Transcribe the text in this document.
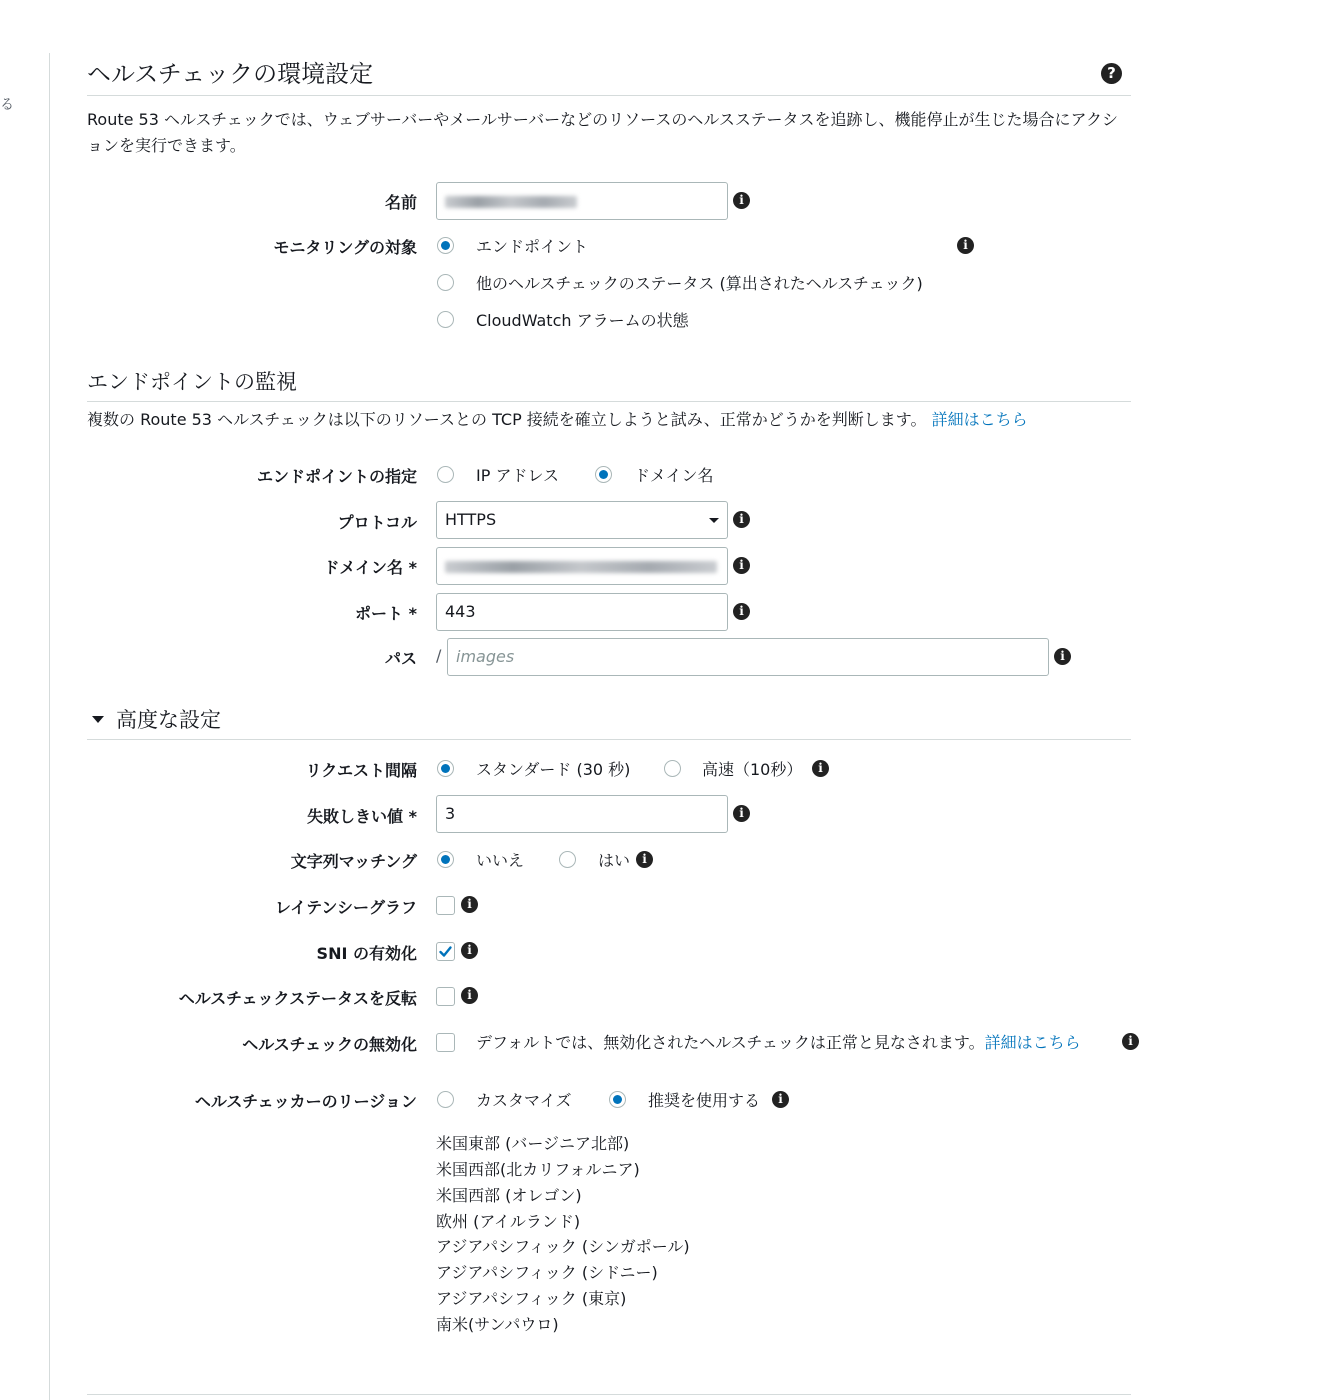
る
ヘルスチェックの環境設定	?
Route 53 ヘルスチェックでは、ウェブサーバーやメールサーバーなどのリソースのヘルスステータスを追跡し、機能停止が生じた場合にアクションを実行できます。
名前	i
モニタリングの対象	エンドポイント	i
他のヘルスチェックのステータス (算出されたヘルスチェック)
CloudWatch アラームの状態
エンドポイントの監視
複数の Route 53 ヘルスチェックは以下のリソースとの TCP 接続を確立しようと試み、正常かどうかを判断します。 詳細はこちら
エンドポイントの指定	IP アドレス	ドメイン名
プロトコル	HTTPS	i
ドメイン名 *	i
ポート *	443	i
パス / images	i
高度な設定
リクエスト間隔	スタンダード (30 秒)	高速（10秒）	i
失敗しきい値 *	3	i
文字列マッチング	いいえ	はい	i
レイテンシーグラフ	i
SNI の有効化	i
ヘルスチェックステータスを反転	i
ヘルスチェックの無効化	デフォルトでは、無効化されたヘルスチェックは正常と見なされます。詳細はこちら	i
ヘルスチェッカーのリージョン	カスタマイズ	推奨を使用する	i
米国東部 (バージニア北部)
米国西部(北カリフォルニア)
米国西部 (オレゴン)
欧州 (アイルランド)
アジアパシフィック (シンガポール)
アジアパシフィック (シドニー)
アジアパシフィック (東京)
南米(サンパウロ)
